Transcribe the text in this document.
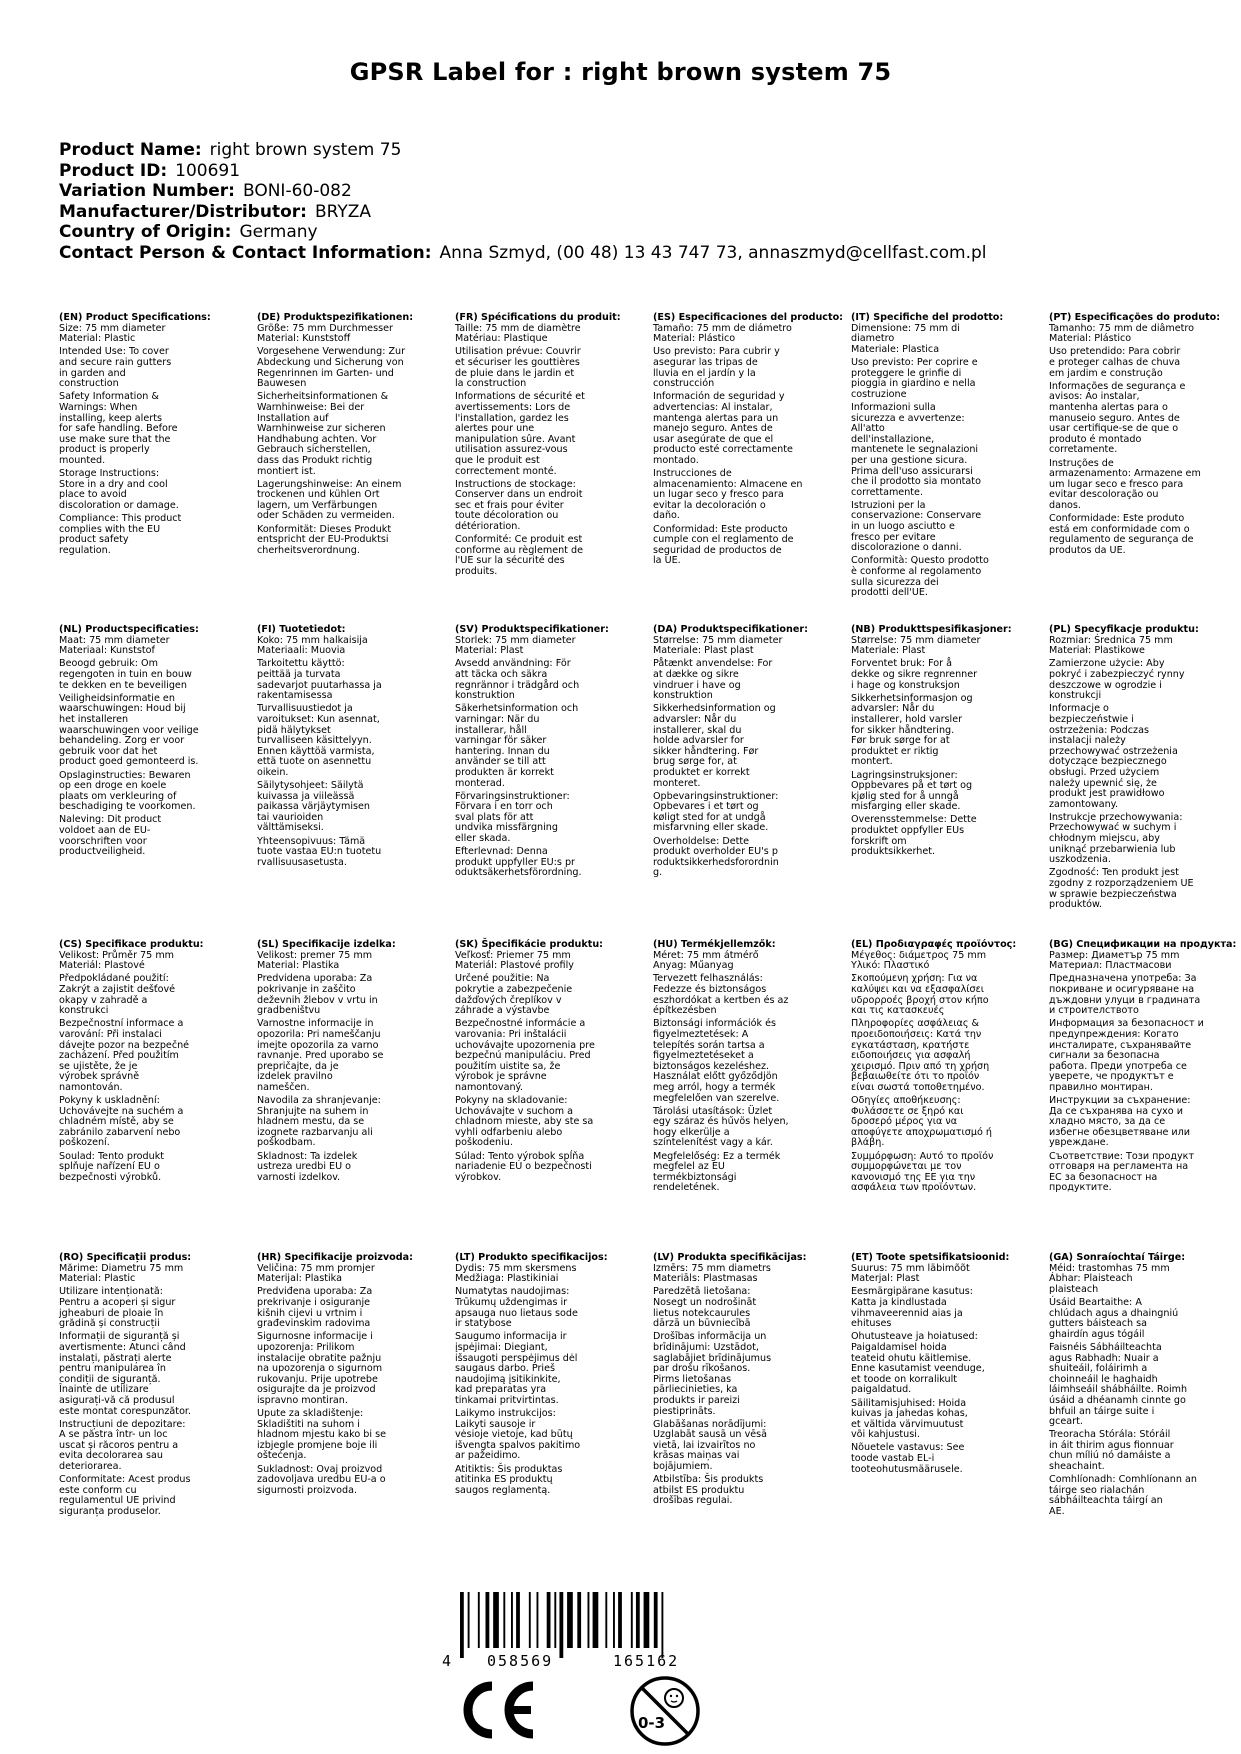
GPSR Label for : right brown system 75
Product Name: right brown system 75
Product ID: 100691
Variation Number: BONI-60-082
Manufacturer/Distributor: BRYZA
Country of Origin: Germany
Contact Person & Contact Information: Anna Szmyd, (00 48) 13 43 747 73, annaszmyd@cellfast.com.pl
(EN) Product Specifications:
Size: 75 mm diameter
Material: Plastic
Intended Use: To cover
and secure rain gutters
in garden and
construction
Safety Information &
Warnings: When
installing, keep alerts
for safe handling. Before
use make sure that the
product is properly
mounted.
Storage Instructions:
Store in a dry and cool
place to avoid
discoloration or damage.
Compliance: This product
complies with the EU
product safety
regulation.
(DE) Produktspezifikationen:
Größe: 75 mm Durchmesser
Material: Kunststoff
Vorgesehene Verwendung: Zur
Abdeckung und Sicherung von
Regenrinnen im Garten- und
Bauwesen
Sicherheitsinformationen &
Warnhinweise: Bei der
Installation auf
Warnhinweise zur sicheren
Handhabung achten. Vor
Gebrauch sicherstellen,
dass das Produkt richtig
montiert ist.
Lagerungshinweise: An einem
trockenen und kühlen Ort
lagern, um Verfärbungen
oder Schäden zu vermeiden.
Konformität: Dieses Produkt
entspricht der EU-Produktsi
cherheitsverordnung.
(FR) Spécifications du produit:
Taille: 75 mm de diamètre
Matériau: Plastique
Utilisation prévue: Couvrir
et sécuriser les gouttières
de pluie dans le jardin et
la construction
Informations de sécurité et
avertissements: Lors de
l'installation, gardez les
alertes pour une
manipulation sûre. Avant
utilisation assurez-vous
que le produit est
correctement monté.
Instructions de stockage:
Conserver dans un endroit
sec et frais pour éviter
toute décoloration ou
détérioration.
Conformité: Ce produit est
conforme au règlement de
l'UE sur la sécurité des
produits.
(ES) Especificaciones del producto:
Tamaño: 75 mm de diámetro
Material: Plástico
Uso previsto: Para cubrir y
asegurar las tripas de
lluvia en el jardín y la
construcción
Información de seguridad y
advertencias: Al instalar,
mantenga alertas para un
manejo seguro. Antes de
usar asegúrate de que el
producto esté correctamente
montado.
Instrucciones de
almacenamiento: Almacene en
un lugar seco y fresco para
evitar la decoloración o
daño.
Conformidad: Este producto
cumple con el reglamento de
seguridad de productos de
la UE.
(IT) Specifiche del prodotto:
Dimensione: 75 mm di
diametro
Materiale: Plastica
Uso previsto: Per coprire e
proteggere le grinfie di
pioggia in giardino e nella
costruzione
Informazioni sulla
sicurezza e avvertenze:
All'atto
dell'installazione,
mantenete le segnalazioni
per una gestione sicura.
Prima dell'uso assicurarsi
che il prodotto sia montato
correttamente.
Istruzioni per la
conservazione: Conservare
in un luogo asciutto e
fresco per evitare
discolorazione o danni.
Conformità: Questo prodotto
è conforme al regolamento
sulla sicurezza dei
prodotti dell'UE.
(PT) Especificações do produto:
Tamanho: 75 mm de diâmetro
Material: Plástico
Uso pretendido: Para cobrir
e proteger calhas de chuva
em jardim e construção
Informações de segurança e
avisos: Ao instalar,
mantenha alertas para o
manuseio seguro. Antes de
usar certifique-se de que o
produto é montado
corretamente.
Instruções de
armazenamento: Armazene em
um lugar seco e fresco para
evitar descoloração ou
danos.
Conformidade: Este produto
está em conformidade com o
regulamento de segurança de
produtos da UE.
(NL) Productspecificaties:
Maat: 75 mm diameter
Materiaal: Kunststof
Beoogd gebruik: Om
regengoten in tuin en bouw
te dekken en te beveiligen
Veiligheidsinformatie en
waarschuwingen: Houd bij
het installeren
waarschuwingen voor veilige
behandeling. Zorg er voor
gebruik voor dat het
product goed gemonteerd is.
Opslaginstructies: Bewaren
op een droge en koele
plaats om verkleuring of
beschadiging te voorkomen.
Naleving: Dit product
voldoet aan de EU-
voorschriften voor
productveiligheid.
(FI) Tuotetiedot:
Koko: 75 mm halkaisija
Materiaali: Muovia
Tarkoitettu käyttö:
peittää ja turvata
sadevarjot puutarhassa ja
rakentamisessa
Turvallisuustiedot ja
varoitukset: Kun asennat,
pidä hälytykset
turvalliseen käsittelyyn.
Ennen käyttöä varmista,
että tuote on asennettu
oikein.
Säilytysohjeet: Säilytä
kuivassa ja viileässä
paikassa värjäytymisen
tai vaurioiden
välttämiseksi.
Yhteensopivuus: Tämä
tuote vastaa EU:n tuotetu
rvallisuusasetusta.
(SV) Produktspecifikationer:
Storlek: 75 mm diameter
Material: Plast
Avsedd användning: För
att täcka och säkra
regnrännor i trädgård och
konstruktion
Säkerhetsinformation och
varningar: När du
installerar, håll
varningar för säker
hantering. Innan du
använder se till att
produkten är korrekt
monterad.
Förvaringsinstruktioner:
Förvara i en torr och
sval plats för att
undvika missfärgning
eller skada.
Efterlevnad: Denna
produkt uppfyller EU:s pr
oduktsäkerhetsförordning.
(DA) Produktspecifikationer:
Størrelse: 75 mm diameter
Materiale: Plast plast
Påtænkt anvendelse: For
at dække og sikre
vindruer i have og
konstruktion
Sikkerhedsinformation og
advarsler: Når du
installerer, skal du
holde advarsler for
sikker håndtering. Før
brug sørge for, at
produktet er korrekt
monteret.
Opbevaringsinstruktioner:
Opbevares i et tørt og
køligt sted for at undgå
misfarvning eller skade.
Overholdelse: Dette
produkt overholder EU's p
roduktsikkerhedsforordnin
g.
(NB) Produkttspesifikasjoner:
Størrelse: 75 mm diameter
Materiale: Plast
Forventet bruk: For å
dekke og sikre regnrenner
i hage og konstruksjon
Sikkerhetsinformasjon og
advarsler: Når du
installerer, hold varsler
for sikker håndtering.
Før bruk sørge for at
produktet er riktig
montert.
Lagringsinstruksjoner:
Oppbevares på et tørt og
kjølig sted for å unngå
misfarging eller skade.
Overensstemmelse: Dette
produktet oppfyller EUs
forskrift om
produktsikkerhet.
(PL) Specyfikacje produktu:
Rozmiar: Średnica 75 mm
Materiał: Plastikowe
Zamierzone użycie: Aby
pokryć i zabezpieczyć rynny
deszczowe w ogrodzie i
konstrukcji
Informacje o
bezpieczeństwie i
ostrzeżenia: Podczas
instalacji należy
przechowywać ostrzeżenia
dotyczące bezpiecznego
obsługi. Przed użyciem
należy upewnić się, że
produkt jest prawidłowo
zamontowany.
Instrukcje przechowywania:
Przechowywać w suchym i
chłodnym miejscu, aby
uniknąć przebarwienia lub
uszkodzenia.
Zgodność: Ten produkt jest
zgodny z rozporządzeniem UE
w sprawie bezpieczeństwa
produktów.
(CS) Specifikace produktu:
Velikost: Průměr 75 mm
Materiál: Plastové
Předpokládané použití:
Zakrýt a zajistit dešťové
okapy v zahradě a
konstrukci
Bezpečnostní informace a
varování: Při instalaci
dávejte pozor na bezpečné
zacházení. Před použitím
se ujistěte, že je
výrobek správně
namontován.
Pokyny k uskladnění:
Uchovávejte na suchém a
chladném místě, aby se
zabránilo zabarvení nebo
poškození.
Soulad: Tento produkt
splňuje nařízení EU o
bezpečnosti výrobků.
(SL) Specifikacije izdelka:
Velikost: premer 75 mm
Material: Plastika
Predvidena uporaba: Za
pokrivanje in zaščito
deževnih žlebov v vrtu in
gradbeništvu
Varnostne informacije in
opozorila: Pri nameščanju
imejte opozorila za varno
ravnanje. Pred uporabo se
prepričajte, da je
izdelek pravilno
nameščen.
Navodila za shranjevanje:
Shranjujte na suhem in
hladnem mestu, da se
izognete razbarvanju ali
poškodbam.
Skladnost: Ta izdelek
ustreza uredbi EU o
varnosti izdelkov.
(SK) Špecifikácie produktu:
Veľkosť: Priemer 75 mm
Materiál: Plastové profily
Určené použitie: Na
pokrytie a zabezpečenie
dažďových čreplíkov v
záhrade a výstavbe
Bezpečnostné informácie a
varovania: Pri inštalácii
uchovávajte upozornenia pre
bezpečnú manipuláciu. Pred
použitím uistite sa, že
výrobok je správne
namontovaný.
Pokyny na skladovanie:
Uchovávajte v suchom a
chladnom mieste, aby ste sa
vyhli odfarbeniu alebo
poškodeniu.
Súlad: Tento výrobok spĺňa
nariadenie EÚ o bezpečnosti
výrobkov.
(HU) Termékjellemzők:
Méret: 75 mm átmérő
Anyag: Műanyag
Tervezett felhasználás:
Fedezze és biztonságos
eszhordókat a kertben és az
építkezésben
Biztonsági információk és
figyelmeztetések: A
telepítés során tartsa a
figyelmeztetéseket a
biztonságos kezeléshez.
Használat előtt győződjön
meg arról, hogy a termék
megfelelően van szerelve.
Tárolási utasítások: Üzlet
egy száraz és hűvös helyen,
hogy elkerülje a
színtelenítést vagy a kár.
Megfelelőség: Ez a termék
megfelel az EU
termékbiztonsági
rendeletének.
(EL) Προδιαγραφές προϊόντος:
Μέγεθος: διάμετρος 75 mm
Υλικό: Πλαστικό
Σκοπούμενη χρήση: Για να
καλύψει και να εξασφαλίσει
υδρορροές βροχή στον κήπο
και τις κατασκευές
Πληροφορίες ασφάλειας &
προειδοποιήσεις: Κατά την
εγκατάσταση, κρατήστε
ειδοποιήσεις για ασφαλή
χειρισμό. Πριν από τη χρήση
βεβαιωθείτε ότι το προϊόν
είναι σωστά τοποθετημένο.
Οδηγίες αποθήκευσης:
Φυλάσσετε σε ξηρό και
δροσερό μέρος για να
αποφύγετε αποχρωματισμό ή
βλάβη.
Συμμόρφωση: Αυτό το προϊόν
συμμορφώνεται με τον
κανονισμό της ΕΕ για την
ασφάλεια των προϊόντων.
(BG) Спецификации на продукта:
Размер: Диаметър 75 mm
Материал: Пластмасови
Предназначена употреба: За
покриване и осигуряване на
дъждовни улуци в градината
и строителството
Информация за безопасност и
предупреждения: Когато
инсталирате, съхранявайте
сигнали за безопасна
работа. Преди употреба се
уверете, че продуктът е
правилно монтиран.
Инструкции за съхранение:
Да се съхранява на сухо и
хладно място, за да се
избегне обезцветяване или
увреждане.
Съответствие: Този продукт
отговаря на регламента на
ЕС за безопасност на
продуктите.
(RO) Specificații produs:
Mărime: Diametru 75 mm
Material: Plastic
Utilizare intenționată:
Pentru a acoperi și sigur
jgheaburi de ploaie în
grădină și construcții
Informații de siguranță și
avertismente: Atunci când
instalați, păstrați alerte
pentru manipularea în
condiții de siguranță.
Înainte de utilizare
asigurați-vă că produsul
este montat corespunzător.
Instrucțiuni de depozitare:
A se păstra într- un loc
uscat și răcoros pentru a
evita decolorarea sau
deteriorarea.
Conformitate: Acest produs
este conform cu
regulamentul UE privind
siguranța produselor.
(HR) Specifikacije proizvoda:
Veličina: 75 mm promjer
Materijal: Plastika
Predviđena uporaba: Za
prekrivanje i osiguranje
kišnih cijevi u vrtnim i
građevinskim radovima
Sigurnosne informacije i
upozorenja: Prilikom
instalacije obratite pažnju
na upozorenja o sigurnom
rukovanju. Prije upotrebe
osigurajte da je proizvod
ispravno montiran.
Upute za skladištenje:
Skladištiti na suhom i
hladnom mjestu kako bi se
izbjegle promjene boje ili
oštećenja.
Sukladnost: Ovaj proizvod
zadovoljava uredbu EU-a o
sigurnosti proizvoda.
(LT) Produkto specifikacijos:
Dydis: 75 mm skersmens
Medžiaga: Plastikiniai
Numatytas naudojimas:
Trūkumų uždengimas ir
apsauga nuo lietaus sode
ir statybose
Saugumo informacija ir
įspėjimai: Diegiant,
išsaugoti perspėjimus dėl
saugaus darbo. Prieš
naudojimą įsitikinkite,
kad preparatas yra
tinkamai pritvirtintas.
Laikymo instrukcijos:
Laikyti sausoje ir
vėsioje vietoje, kad būtų
išvengta spalvos pakitimo
ar pažeidimo.
Atitiktis: Šis produktas
atitinka ES produktų
saugos reglamentą.
(LV) Produkta specifikācijas:
Izmērs: 75 mm diametrs
Materiāls: Plastmasas
Paredzētā lietošana:
Nosegt un nodrošināt
lietus notekcaurules
dārzā un būvniecībā
Drošības informācija un
brīdinājumi: Uzstādot,
saglabājiet brīdinājumus
par drošu rīkošanos.
Pirms lietošanas
pārliecinieties, ka
produkts ir pareizi
piestiprināts.
Glabāšanas norādījumi:
Uzglabāt sausā un vēsā
vietā, lai izvairītos no
krāsas maiņas vai
bojājumiem.
Atbilstība: Šis produkts
atbilst ES produktu
drošības regulai.
(ET) Toote spetsifikatsioonid:
Suurus: 75 mm läbimõõt
Materjal: Plast
Eesmärgipärane kasutus:
Katta ja kindlustada
vihmaveerennid aias ja
ehituses
Ohutusteave ja hoiatused:
Paigaldamisel hoida
teateid ohutu käitlemise.
Enne kasutamist veenduge,
et toode on korralikult
paigaldatud.
Säilitamisjuhised: Hoida
kuivas ja jahedas kohas,
et vältida värvimuutust
või kahjustusi.
Nõuetele vastavus: See
toode vastab EL-i
tooteohutusmäärusele.
(GA) Sonraíochtaí Táirge:
Méid: trastomhas 75 mm
Ábhar: Plaisteach
plaisteach
Úsáid Beartaithe: A
chlúdach agus a dhaingniú
gutters báisteach sa
ghairdín agus tógáil
Faisnéis Sábháilteachta
agus Rabhadh: Nuair a
shuiteáil, foláirimh a
choinneáil le haghaidh
láimhseáil shábháilte. Roimh
úsáid a dhéanamh cinnte go
bhfuil an táirge suite i
gceart.
Treoracha Stórála: Stóráil
in áit thirim agus fionnuar
chun míliú nó damáiste a
sheachaint.
Comhlíonadh: Comhlíonann an
táirge seo rialachán
sábháilteachta táirgí an
AE.
4 058569	165162
0-3
